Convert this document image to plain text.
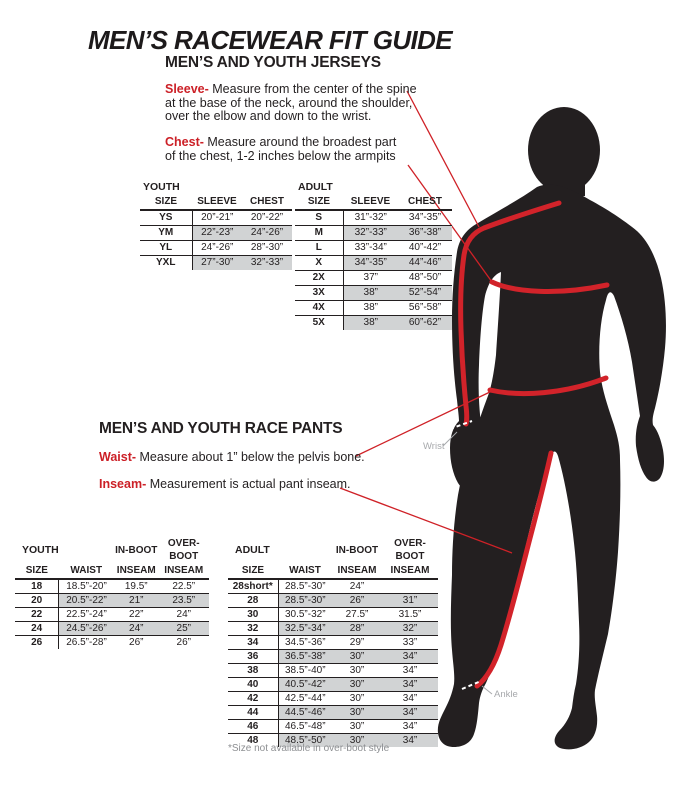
MEN’S RACEWEAR FIT GUIDE
MEN’S AND YOUTH JERSEYS
Sleeve- Measure from the center of the spine
at the base of the neck, around the shoulder,
over the elbow and down to the wrist.
Chest- Measure around the broadest part
of the chest, 1-2 inches below the armpits
YOUTH		
SIZE	SLEEVE	CHEST
YS	20”-21”	20”-22”
YM	22”-23”	24”-26”
YL	24”-26”	28”-30”
YXL	27”-30”	32”-33”
ADULT		
SIZE	SLEEVE	CHEST
S	31”-32”	34”-35”
M	32”-33”	36”-38”
L	33”-34”	40”-42”
X	34”-35”	44”-46”
2X	37”	48”-50”
3X	38”	52”-54”
4X	38”	56”-58”
5X	38”	60”-62”
MEN’S AND YOUTH RACE PANTS
Waist- Measure about 1” below the pelvis bone.
Inseam- Measurement is actual pant inseam.
YOUTH		IN-BOOT	OVER-BOOT
SIZE	WAIST	INSEAM	INSEAM
18	18.5”-20”	19.5”	22.5”
20	20.5”-22”	21”	23.5”
22	22.5”-24”	22”	24”
24	24.5”-26”	24”	25”
26	26.5”-28”	26”	26”
ADULT		IN-BOOT	OVER-BOOT
SIZE	WAIST	INSEAM	INSEAM
28short*	28.5”-30”	24”	
28	28.5”-30”	26”	31”
30	30.5”-32”	27.5”	31.5”
32	32.5”-34”	28”	32”
34	34.5”-36”	29”	33”
36	36.5”-38”	30”	34”
38	38.5”-40”	30”	34”
40	40.5”-42”	30”	34”
42	42.5”-44”	30”	34”
44	44.5”-46”	30”	34”
46	46.5”-48”	30”	34”
48	48.5”-50”	30”	34”
*Size not available in over-boot style
Wrist
Ankle
